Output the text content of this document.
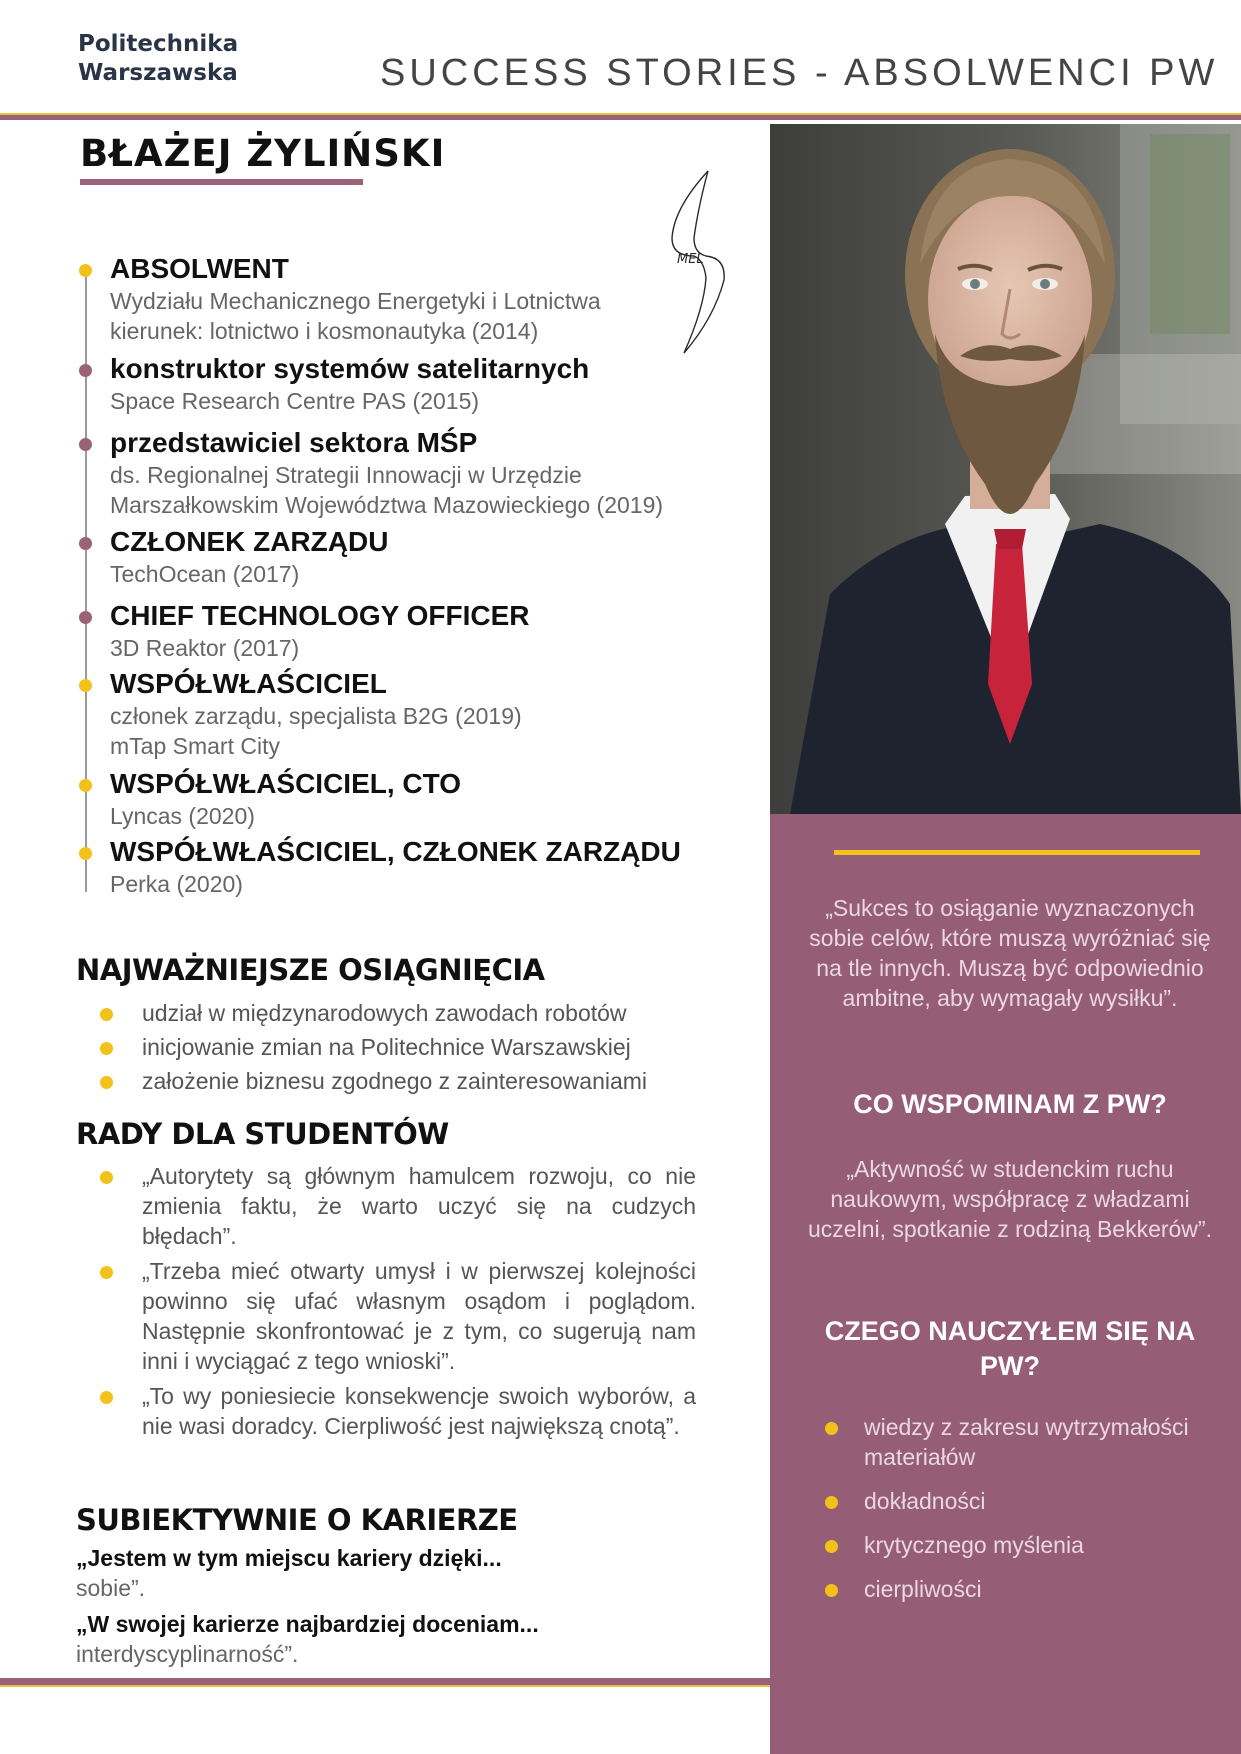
Politechnika
Warszawska	SUCCESS STORIES - ABSOLWENCI PW
„Sukces to osiąganie wyznaczonych sobie celów, które muszą wyróżniać się na tle innych. Muszą być odpowiednio ambitne, aby wymagały wysiłku”.
CO WSPOMINAM Z PW?
„Aktywność w studenckim ruchu naukowym, współpracę z władzami uczelni, spotkanie z rodziną Bekkerów”.
CZEGO NAUCZYŁEM SIĘ NA PW?
wiedzy z zakresu wytrzymałości materiałów
dokładności
krytycznego myślenia
cierpliwości
BŁAŻEJ ŻYLIŃSKI
MEL
ABSOLWENT
Wydziału Mechanicznego Energetyki i Lotnictwa
kierunek: lotnictwo i kosmonautyka (2014)
konstruktor systemów satelitarnych
Space Research Centre PAS (2015)
przedstawiciel sektora MŚP
ds. Regionalnej Strategii Innowacji w Urzędzie
Marszałkowskim Województwa Mazowieckiego (2019)
CZŁONEK ZARZĄDU
TechOcean (2017)
CHIEF TECHNOLOGY OFFICER
3D Reaktor (2017)
WSPÓŁWŁAŚCICIEL
członek zarządu, specjalista B2G (2019)
mTap Smart City
WSPÓŁWŁAŚCICIEL, CTO
Lyncas (2020)
WSPÓŁWŁAŚCICIEL, CZŁONEK ZARZĄDU
Perka (2020)
NAJWAŻNIEJSZE OSIĄGNIĘCIA
udział w międzynarodowych zawodach robotów
inicjowanie zmian na Politechnice Warszawskiej
założenie biznesu zgodnego z zainteresowaniami
RADY DLA STUDENTÓW
„Autorytety są głównym hamulcem rozwoju, co nie zmienia faktu, że warto uczyć się na cudzych błędach”.
„Trzeba mieć otwarty umysł i w pierwszej kolejności powinno się ufać własnym osądom i poglądom. Następnie skonfrontować je z tym, co sugerują nam inni i wyciągać z tego wnioski”.
„To wy poniesiecie konsekwencje swoich wyborów, a nie wasi doradcy. Cierpliwość jest największą cnotą”.
SUBIEKTYWNIE O KARIERZE
„Jestem w tym miejscu kariery dzięki...
sobie”.
„W swojej karierze najbardziej doceniam...
interdyscyplinarność”.
